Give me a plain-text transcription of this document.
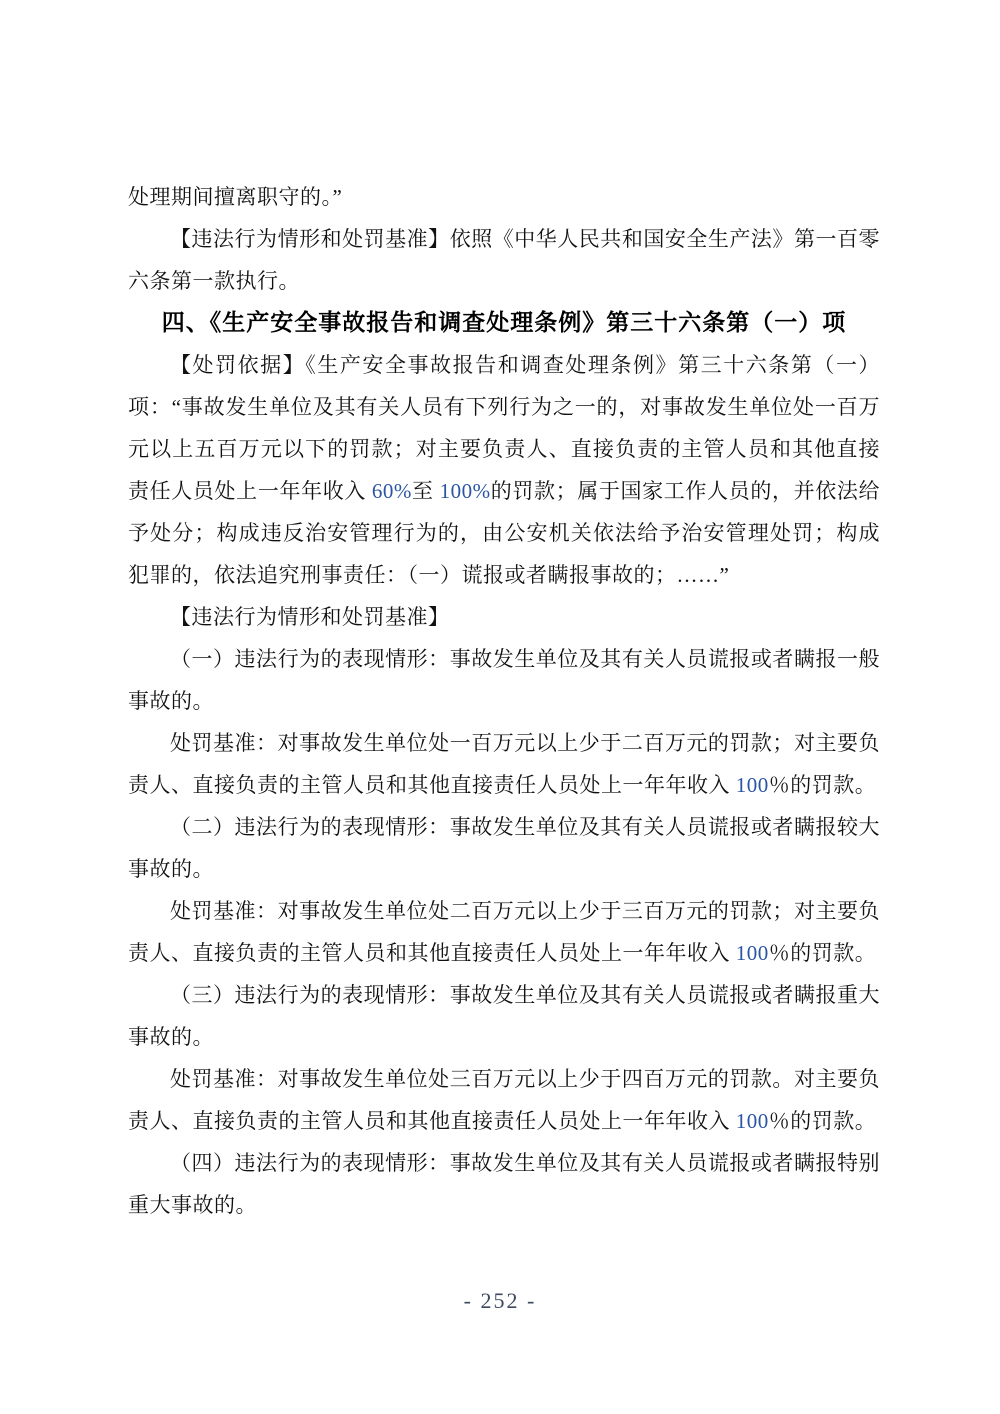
处理期间擅离职守的。”

【违法行为情形和处罚基准】依照《中华人民共和国安全生产法》第一百零六条第一款执行。

四、《生产安全事故报告和调查处理条例》第三十六条第（一）项

【处罚依据】《生产安全事故报告和调查处理条例》第三十六条第（一）项：“事故发生单位及其有关人员有下列行为之一的，对事故发生单位处一百万元以上五百万元以下的罚款；对主要负责人、直接负责的主管人员和其他直接责任人员处上一年年收入 60%至 100%的罚款；属于国家工作人员的，并依法给予处分；构成违反治安管理行为的，由公安机关依法给予治安管理处罚；构成犯罪的，依法追究刑事责任：（一）谎报或者瞒报事故的；……”

【违法行为情形和处罚基准】

（一）违法行为的表现情形：事故发生单位及其有关人员谎报或者瞒报一般事故的。

处罚基准：对事故发生单位处一百万元以上少于二百万元的罚款；对主要负责人、直接负责的主管人员和其他直接责任人员处上一年年收入 100％的罚款。

（二）违法行为的表现情形：事故发生单位及其有关人员谎报或者瞒报较大事故的。

处罚基准：对事故发生单位处二百万元以上少于三百万元的罚款；对主要负责人、直接负责的主管人员和其他直接责任人员处上一年年收入 100％的罚款。

（三）违法行为的表现情形：事故发生单位及其有关人员谎报或者瞒报重大事故的。

处罚基准：对事故发生单位处三百万元以上少于四百万元的罚款。对主要负责人、直接负责的主管人员和其他直接责任人员处上一年年收入 100％的罚款。

（四）违法行为的表现情形：事故发生单位及其有关人员谎报或者瞒报特别重大事故的。

- 252 -
